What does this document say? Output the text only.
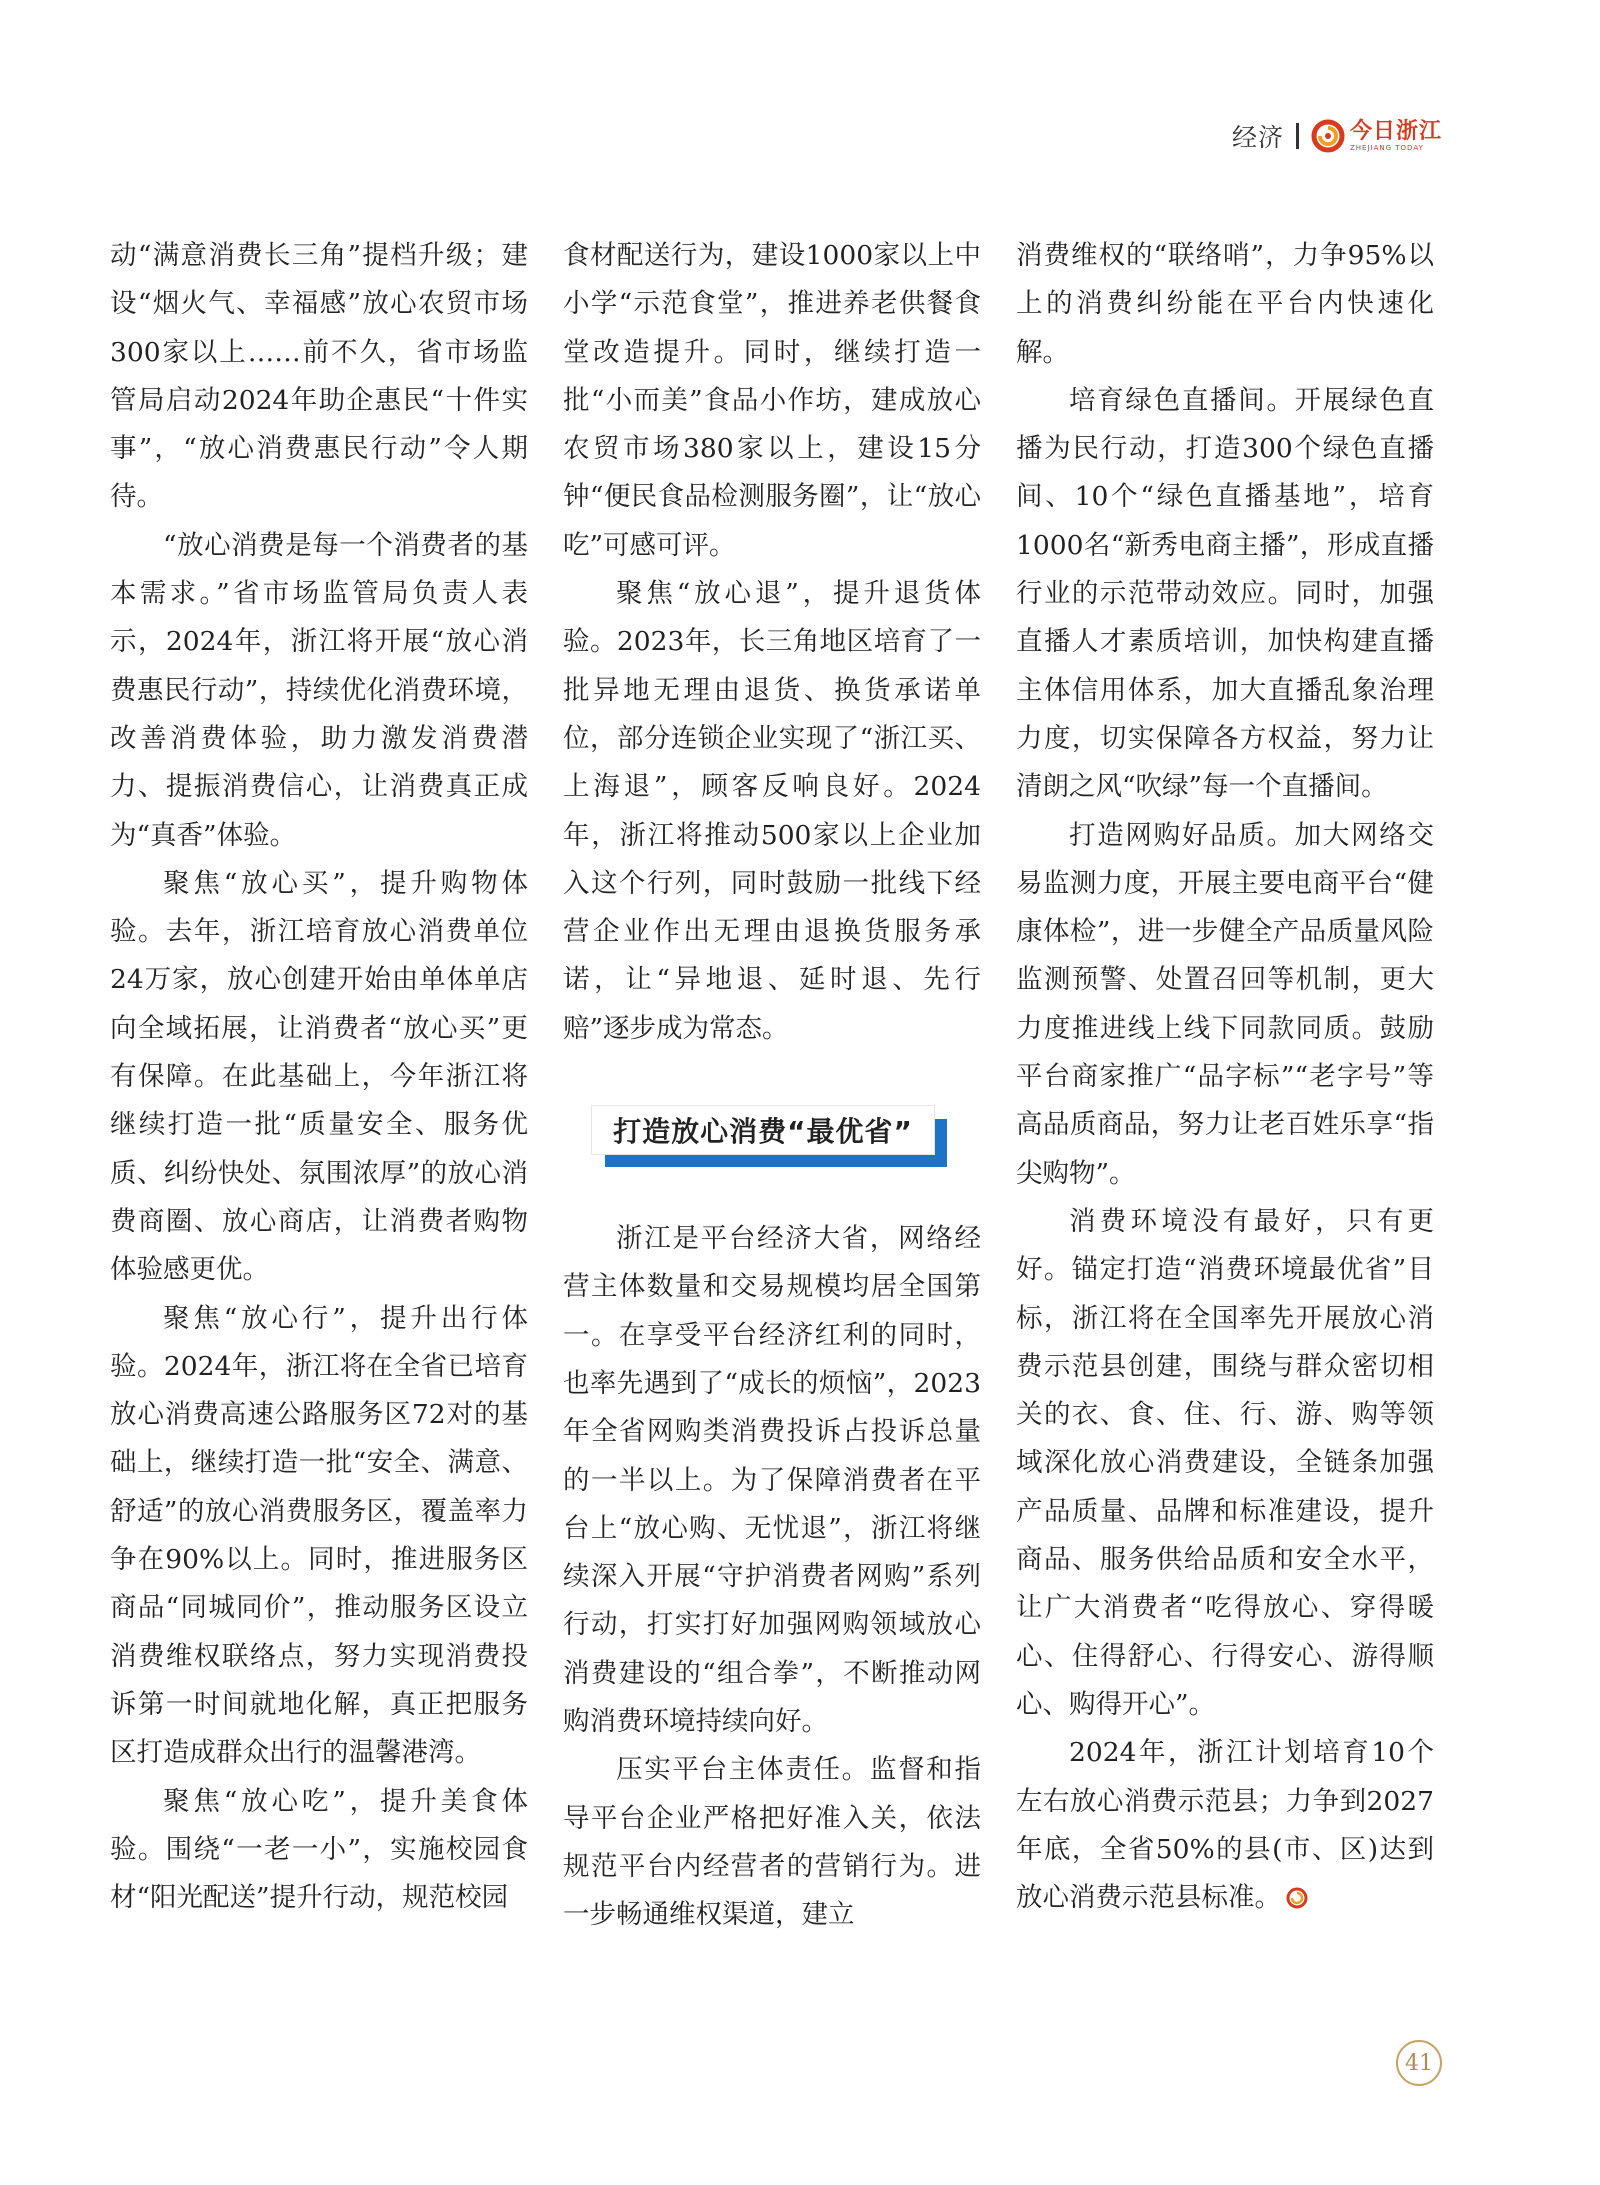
经济	今日浙江
ZHEJIANG TODAY

动“满意消费长三角”提档升级；建设“烟火气、幸福感”放心农贸市场300家以上……前不久，省市场监管局启动2024年助企惠民“十件实事”，“放心消费惠民行动”令人期待。

“放心消费是每一个消费者的基本需求。”省市场监管局负责人表示，2024年，浙江将开展“放心消费惠民行动”，持续优化消费环境，改善消费体验，助力激发消费潜力、提振消费信心，让消费真正成为“真香”体验。

聚焦“放心买”，提升购物体验。去年，浙江培育放心消费单位24万家，放心创建开始由单体单店向全域拓展，让消费者“放心买”更有保障。在此基础上，今年浙江将继续打造一批“质量安全、服务优质、纠纷快处、氛围浓厚”的放心消费商圈、放心商店，让消费者购物体验感更优。

聚焦“放心行”，提升出行体验。2024年，浙江将在全省已培育放心消费高速公路服务区72对的基础上，继续打造一批“安全、满意、舒适”的放心消费服务区，覆盖率力争在90%以上。同时，推进服务区商品“同城同价”，推动服务区设立消费维权联络点，努力实现消费投诉第一时间就地化解，真正把服务区打造成群众出行的温馨港湾。

聚焦“放心吃”，提升美食体验。围绕“一老一小”，实施校园食材“阳光配送”提升行动，规范校园

食材配送行为，建设1000家以上中小学“示范食堂”，推进养老供餐食堂改造提升。同时，继续打造一批“小而美”食品小作坊，建成放心农贸市场380家以上，建设15分钟“便民食品检测服务圈”，让“放心吃”可感可评。

聚焦“放心退”，提升退货体验。2023年，长三角地区培育了一批异地无理由退货、换货承诺单位，部分连锁企业实现了“浙江买、上海退”，顾客反响良好。2024年，浙江将推动500家以上企业加入这个行列，同时鼓励一批线下经营企业作出无理由退换货服务承诺，让“异地退、延时退、先行赔”逐步成为常态。

打造放心消费“最优省”

浙江是平台经济大省，网络经营主体数量和交易规模均居全国第一。在享受平台经济红利的同时，也率先遇到了“成长的烦恼”，2023年全省网购类消费投诉占投诉总量的一半以上。为了保障消费者在平台上“放心购、无忧退”，浙江将继续深入开展“守护消费者网购”系列行动，打实打好加强网购领域放心消费建设的“组合拳”，不断推动网购消费环境持续向好。

压实平台主体责任。监督和指导平台企业严格把好准入关，依法规范平台内经营者的营销行为。进一步畅通维权渠道，建立

消费维权的“联络哨”，力争95%以上的消费纠纷能在平台内快速化解。

培育绿色直播间。开展绿色直播为民行动，打造300个绿色直播间、10个“绿色直播基地”，培育1000名“新秀电商主播”，形成直播行业的示范带动效应。同时，加强直播人才素质培训，加快构建直播主体信用体系，加大直播乱象治理力度，切实保障各方权益，努力让清朗之风“吹绿”每一个直播间。

打造网购好品质。加大网络交易监测力度，开展主要电商平台“健康体检”，进一步健全产品质量风险监测预警、处置召回等机制，更大力度推进线上线下同款同质。鼓励平台商家推广“品字标”“老字号”等高品质商品，努力让老百姓乐享“指尖购物”。

消费环境没有最好，只有更好。锚定打造“消费环境最优省”目标，浙江将在全国率先开展放心消费示范县创建，围绕与群众密切相关的衣、食、住、行、游、购等领域深化放心消费建设，全链条加强产品质量、品牌和标准建设，提升商品、服务供给品质和安全水平，让广大消费者“吃得放心、穿得暖心、住得舒心、行得安心、游得顺心、购得开心”。

2024年，浙江计划培育10个左右放心消费示范县；力争到2027年底，全省50%的县(市、区)达到放心消费示范县标准。

41
